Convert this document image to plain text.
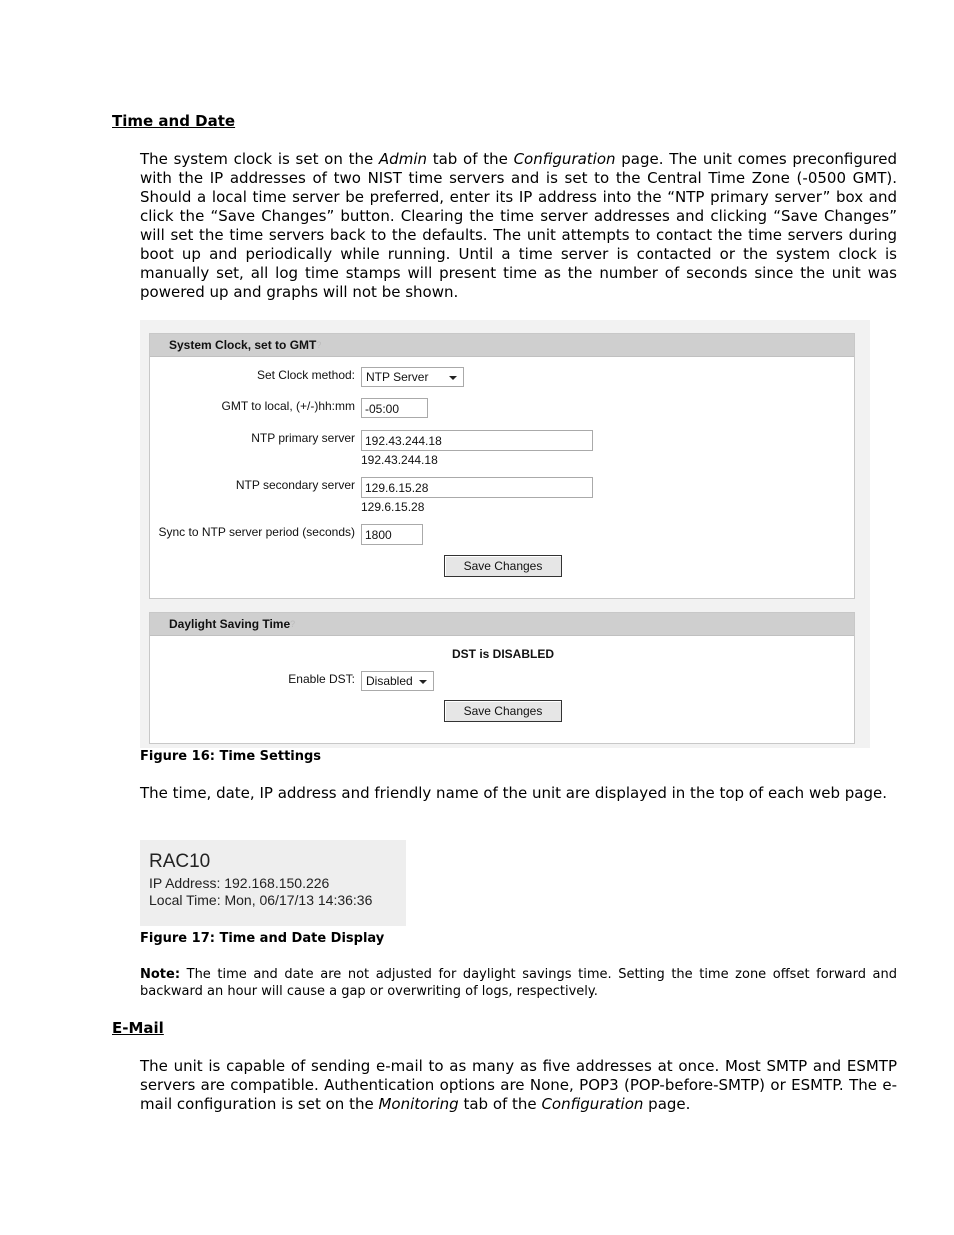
Time and Date
The system clock is set on the Admin tab of the Configuration page. The unit comes preconfigured with the IP addresses of two NIST time servers and is set to the Central Time Zone (-0500 GMT). Should a local time server be preferred, enter its IP address into the “NTP primary server” box and click the “Save Changes” button. Clearing the time server addresses and clicking “Save Changes” will set the time servers back to the defaults. The unit attempts to contact the time servers during boot up and periodically while running. Until a time server is contacted or the system clock is manually set, all log time stamps will present time as the number of seconds since the unit was powered up and graphs will not be shown.
System Clock, set to GMT?
Set Clock method: NTP Server
GMT to local, (+/-)hh:mm -05:00
NTP primary server 192.43.244.18
192.43.244.18
NTP secondary server 129.6.15.28
129.6.15.28
Sync to NTP server period (seconds) 1800
Save Changes
Daylight Saving Time?
DST is DISABLED
Enable DST: Disabled
Save Changes
Figure 16: Time Settings
The time, date, IP address and friendly name of the unit are displayed in the top of each web page.
RAC10
IP Address: 192.168.150.226
Local Time: Mon, 06/17/13 14:36:36
Figure 17: Time and Date Display
Note: The time and date are not adjusted for daylight savings time. Setting the time zone offset forward and backward an hour will cause a gap or overwriting of logs, respectively.
E-Mail
The unit is capable of sending e-mail to as many as five addresses at once. Most SMTP and ESMTP servers are compatible. Authentication options are None, POP3 (POP-before-SMTP) or ESMTP. The e-mail configuration is set on the Monitoring tab of the Configuration page.
